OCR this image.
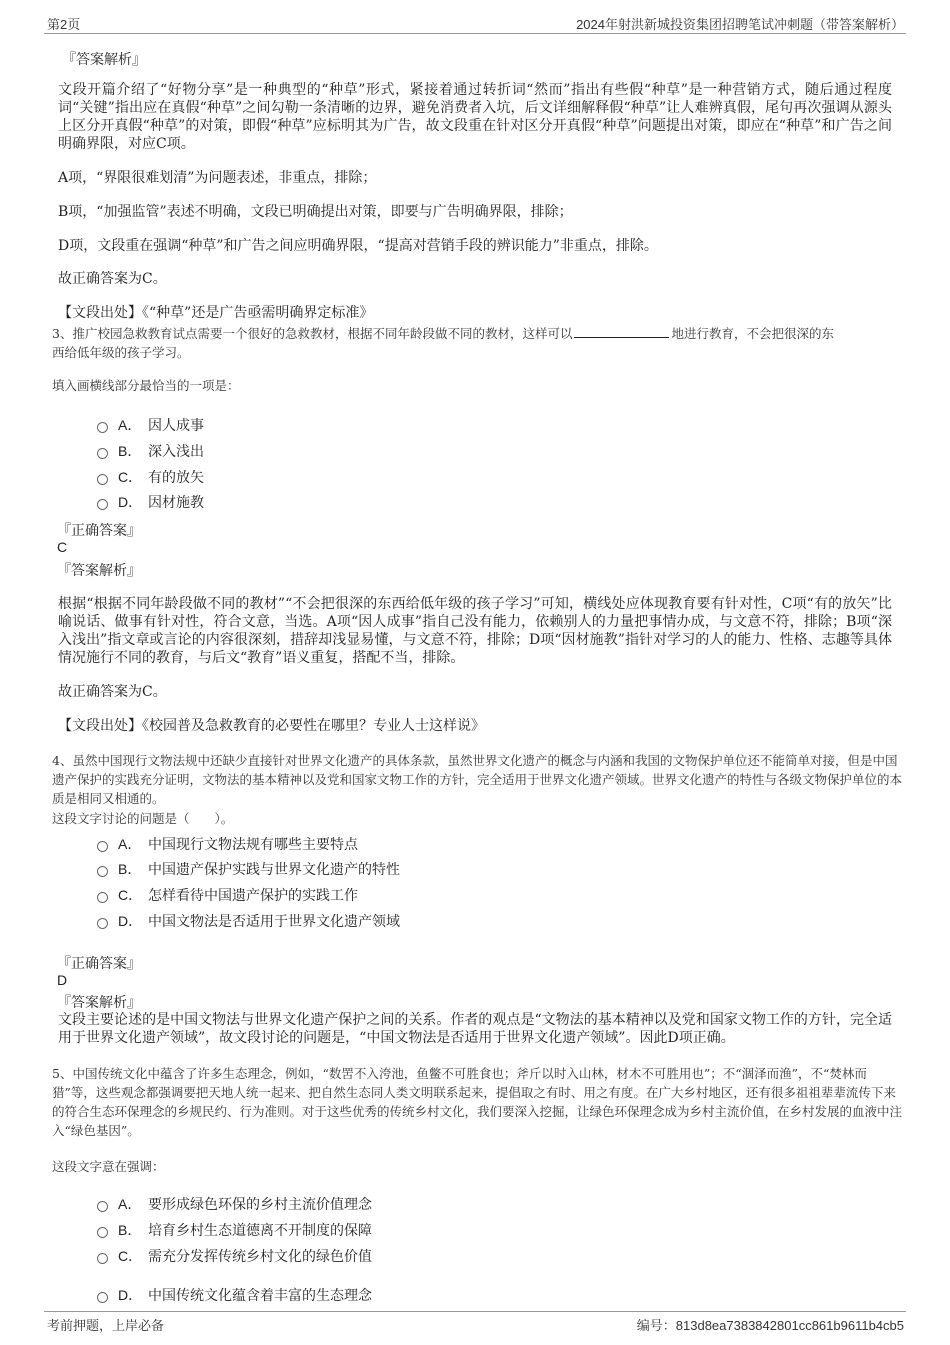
第2页	2024年射洪新城投资集团招聘笔试冲刺题（带答案解析）
『答案解析』
文段开篇介绍了“好物分享”是一种典型的“种草”形式，紧接着通过转折词“然而”指出有些假“种草”是一种营销方式，随后通过程度词“关键”指出应在真假“种草”之间勾勒一条清晰的边界，避免消费者入坑，后文详细解释假“种草”让人难辨真假，尾句再次强调从源头上区分开真假“种草”的对策，即假“种草”应标明其为广告，故文段重在针对区分开真假“种草”问题提出对策，即应在“种草”和广告之间明确界限，对应C项。
A项，“界限很难划清”为问题表述，非重点，排除；
B项，“加强监管”表述不明确，文段已明确提出对策，即要与广告明确界限，排除；
D项，文段重在强调“种草”和广告之间应明确界限，“提高对营销手段的辨识能力”非重点，排除。
故正确答案为C。
【文段出处】《“种草”还是广告亟需明确界定标准》
3、推广校园急救教育试点需要一个很好的急救教材，根据不同年龄段做不同的教材，这样可以	地进行教育，不会把很深的东
西给低年级的孩子学习。
填入画横线部分最恰当的一项是：
A． 因人成事
B． 深入浅出
C． 有的放矢
D． 因材施教
『正确答案』
C
『答案解析』
根据“根据不同年龄段做不同的教材”“不会把很深的东西给低年级的孩子学习”可知，横线处应体现教育要有针对性，C项“有的放矢”比喻说话、做事有针对性，符合文意，当选。A项“因人成事”指自己没有能力，依赖别人的力量把事情办成，与文意不符，排除；B项“深入浅出”指文章或言论的内容很深刻，措辞却浅显易懂，与文意不符，排除；D项“因材施教”指针对学习的人的能力、性格、志趣等具体情况施行不同的教育，与后文“教育”语义重复，搭配不当，排除。
故正确答案为C。
【文段出处】《校园普及急救教育的必要性在哪里？专业人士这样说》
4、虽然中国现行文物法规中还缺少直接针对世界文化遗产的具体条款，虽然世界文化遗产的概念与内涵和我国的文物保护单位还不能简单对接，但是中国遗产保护的实践充分证明，文物法的基本精神以及党和国家文物工作的方针，完全适用于世界文化遗产领域。世界文化遗产的特性与各级文物保护单位的本质是相同又相通的。
这段文字讨论的问题是（　　）。
A． 中国现行文物法规有哪些主要特点
B． 中国遗产保护实践与世界文化遗产的特性
C． 怎样看待中国遗产保护的实践工作
D． 中国文物法是否适用于世界文化遗产领域
『正确答案』
D
『答案解析』
文段主要论述的是中国文物法与世界文化遗产保护之间的关系。作者的观点是“文物法的基本精神以及党和国家文物工作的方针，完全适用于世界文化遗产领域”，故文段讨论的问题是，“中国文物法是否适用于世界文化遗产领域”。因此D项正确。
5、中国传统文化中蕴含了许多生态理念，例如，“数罟不入洿池，鱼鳖不可胜食也；斧斤以时入山林，材木不可胜用也”；不“涸泽而渔”，不“焚林而猎”等，这些观念都强调要把天地人统一起来、把自然生态同人类文明联系起来，提倡取之有时、用之有度。在广大乡村地区，还有很多祖祖辈辈流传下来的符合生态环保理念的乡规民约、行为准则。对于这些优秀的传统乡村文化，我们要深入挖掘，让绿色环保理念成为乡村主流价值，在乡村发展的血液中注入“绿色基因”。
这段文字意在强调：
A． 要形成绿色环保的乡村主流价值理念
B． 培育乡村生态道德离不开制度的保障
C． 需充分发挥传统乡村文化的绿色价值
D． 中国传统文化蕴含着丰富的生态理念
考前押题，上岸必备	编号：813d8ea7383842801cc861b9611b4cb5
